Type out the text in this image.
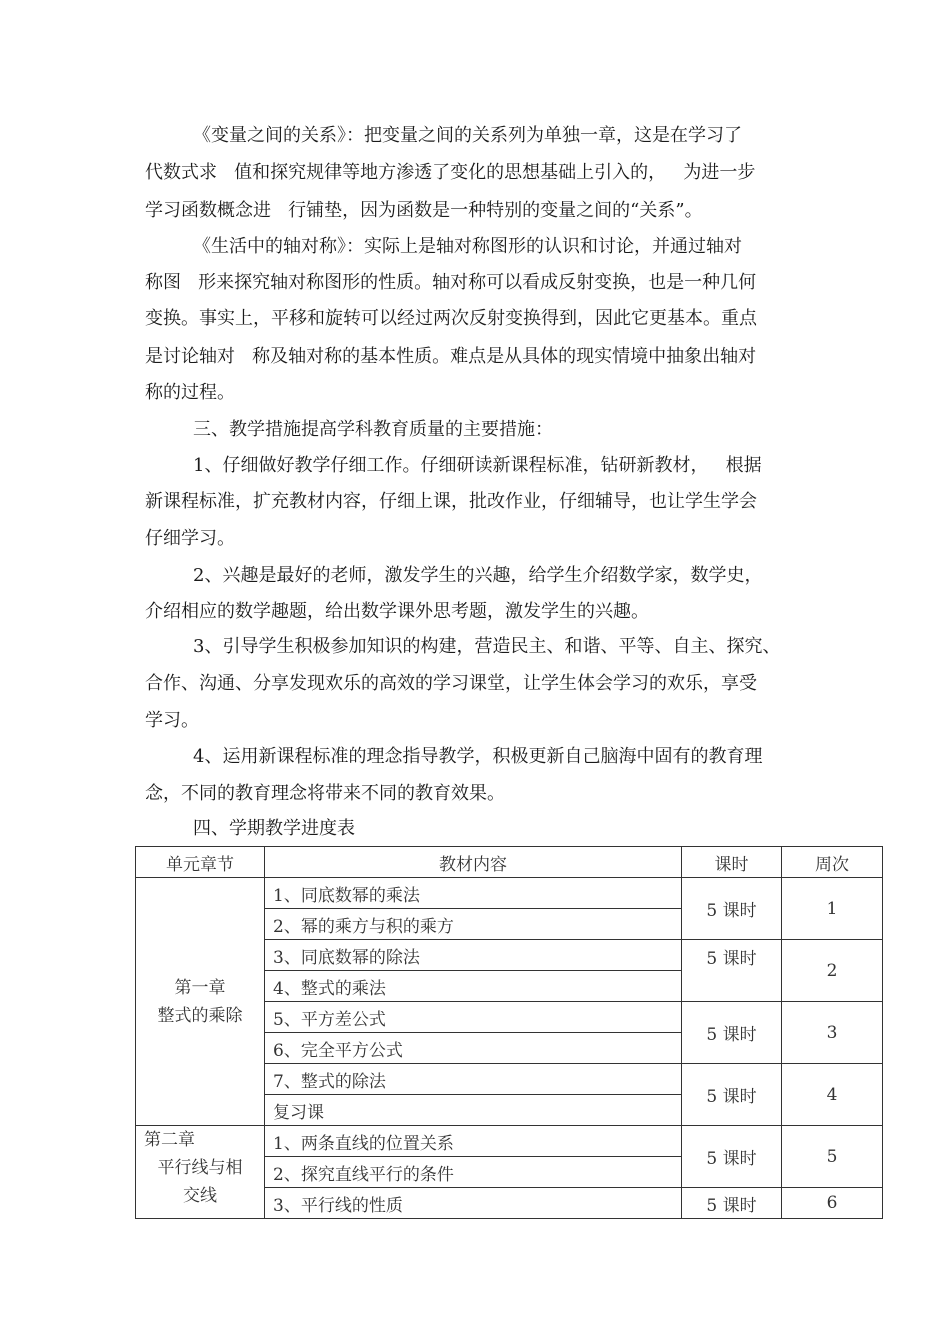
《变量之间的关系》：把变量之间的关系列为单独一章，这是在学习了
代数式求   值和探究规律等地方渗透了变化的思想基础上引入的，   为进一步
学习函数概念进   行铺垫，因为函数是一种特别的变量之间的“关系”。
《生活中的轴对称》：实际上是轴对称图形的认识和讨论，并通过轴对
称图   形来探究轴对称图形的性质。轴对称可以看成反射变换，也是一种几何
变换。事实上，平移和旋转可以经过两次反射变换得到，因此它更基本。重点
是讨论轴对   称及轴对称的基本性质。难点是从具体的现实情境中抽象出轴对
称的过程。
三、教学措施提高学科教育质量的主要措施：
1、仔细做好教学仔细工作。仔细研读新课程标准，钻研新教材，   根据
新课程标准，扩充教材内容，仔细上课，批改作业，仔细辅导，也让学生学会
仔细学习。
2、兴趣是最好的老师，激发学生的兴趣，给学生介绍数学家，数学史，
介绍相应的数学趣题，给出数学课外思考题，激发学生的兴趣。
3、引导学生积极参加知识的构建，营造民主、和谐、平等、自主、探究、
合作、沟通、分享发现欢乐的高效的学习课堂，让学生体会学习的欢乐，享受
学习。
4、运用新课程标准的理念指导教学，积极更新自己脑海中固有的教育理
念，不同的教育理念将带来不同的教育效果。
四、学期教学进度表
单元章节	教材内容	课时	周次

第一章
整式的乘除	1、同底数幂的乘法	5 课时	1
	2、幂的乘方与积的乘方		
	3、同底数幂的除法	5 课时	2
	4、整式的乘法		
	5、平方差公式	5 课时	3
	6、完全平方公式		
	7、整式的除法	5 课时	4
	复习课		

第二章
平行线与相
交线	1、两条直线的位置关系	5 课时	5
	2、探究直线平行的条件		
	3、平行线的性质	5 课时	6
